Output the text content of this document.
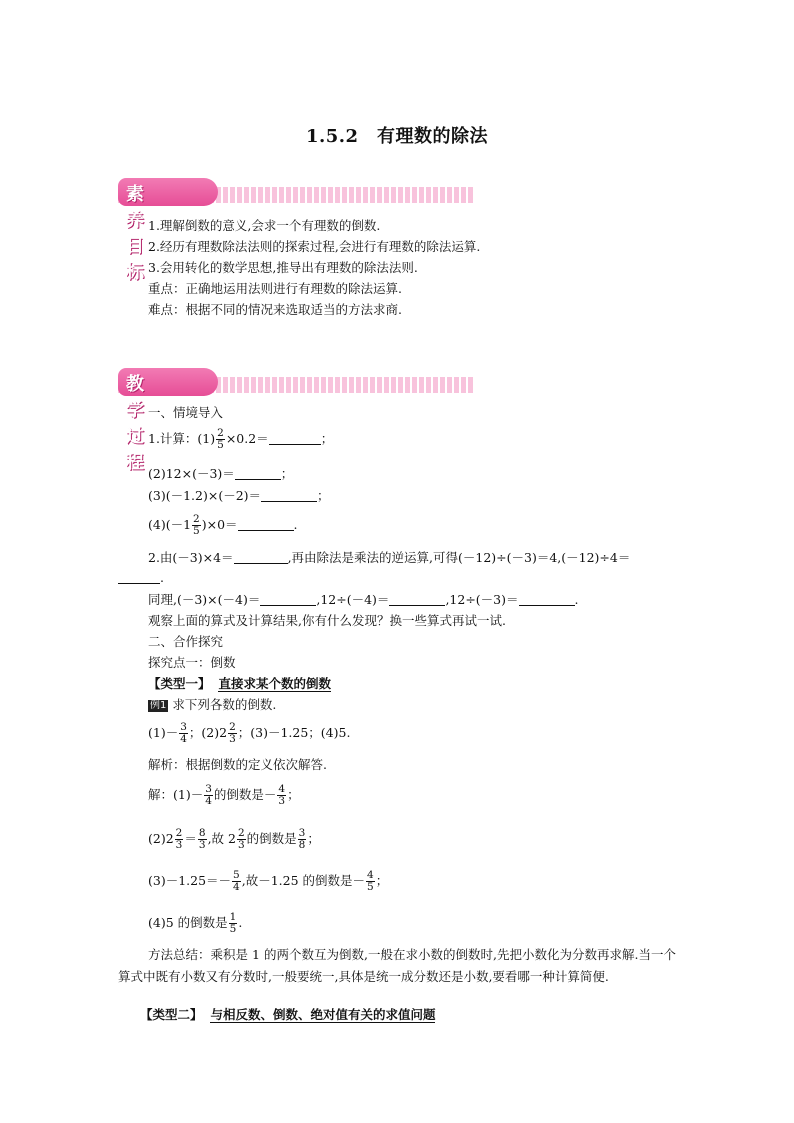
1.5.2　有理数的除法
素养目标
1.理解倒数的意义,会求一个有理数的倒数.
2.经历有理数除法法则的探索过程,会进行有理数的除法运算.
3.会用转化的数学思想,推导出有理数的除法法则.
重点：正确地运用法则进行有理数的除法运算.
难点：根据不同的情况来选取适当的方法求商.
教学过程
一、情境导入
1.计算：$(1) \frac{2}{5} \times 0.2=$	；
(2)12×(－3)＝	；
(3)(－1.2)×(－2)＝	；
$(4)(-1 \frac{2}{5} )\times 0=$	.
2.由(－3)×4＝	,再由除法是乘法的逆运算,可得(－12)÷(－3)＝4,(－12)÷4＝
.
同理,(－3)×(－4)＝	,12÷(－4)＝	,12÷(－3)＝	.
观察上面的算式及计算结果,你有什么发现？换一些算式再试一试.
二、合作探究
探究点一：倒数
【类型一】 直接求某个数的倒数
例1 求下列各数的倒数.
$(1)- \frac{3}{4}$ ；$(2)2 \frac{2}{3}$ ；(3)－1.25；(4)5.
解析：根据倒数的定义依次解答.
解：$(1)- \frac{3}{4}$ 的倒数是－ $\frac{4}{3}$ ；
$(2)2 \frac{2}{3} = \frac{8}{3}$ ,故 $2 \frac{2}{3}$ 的倒数是 $\frac{3}{8}$ ；
$(3)-1.25=- \frac{5}{4}$ ,故－1.25 的倒数是－ $\frac{4}{5}$ ；
(4)5 的倒数是 $\frac{1}{5}$ .
方法总结：乘积是 1 的两个数互为倒数,一般在求小数的倒数时,先把小数化为分数再求解.当一个算式中既有小数又有分数时,一般要统一,具体是统一成分数还是小数,要看哪一种计算简便.
【类型二】 与相反数、倒数、绝对值有关的求值问题
